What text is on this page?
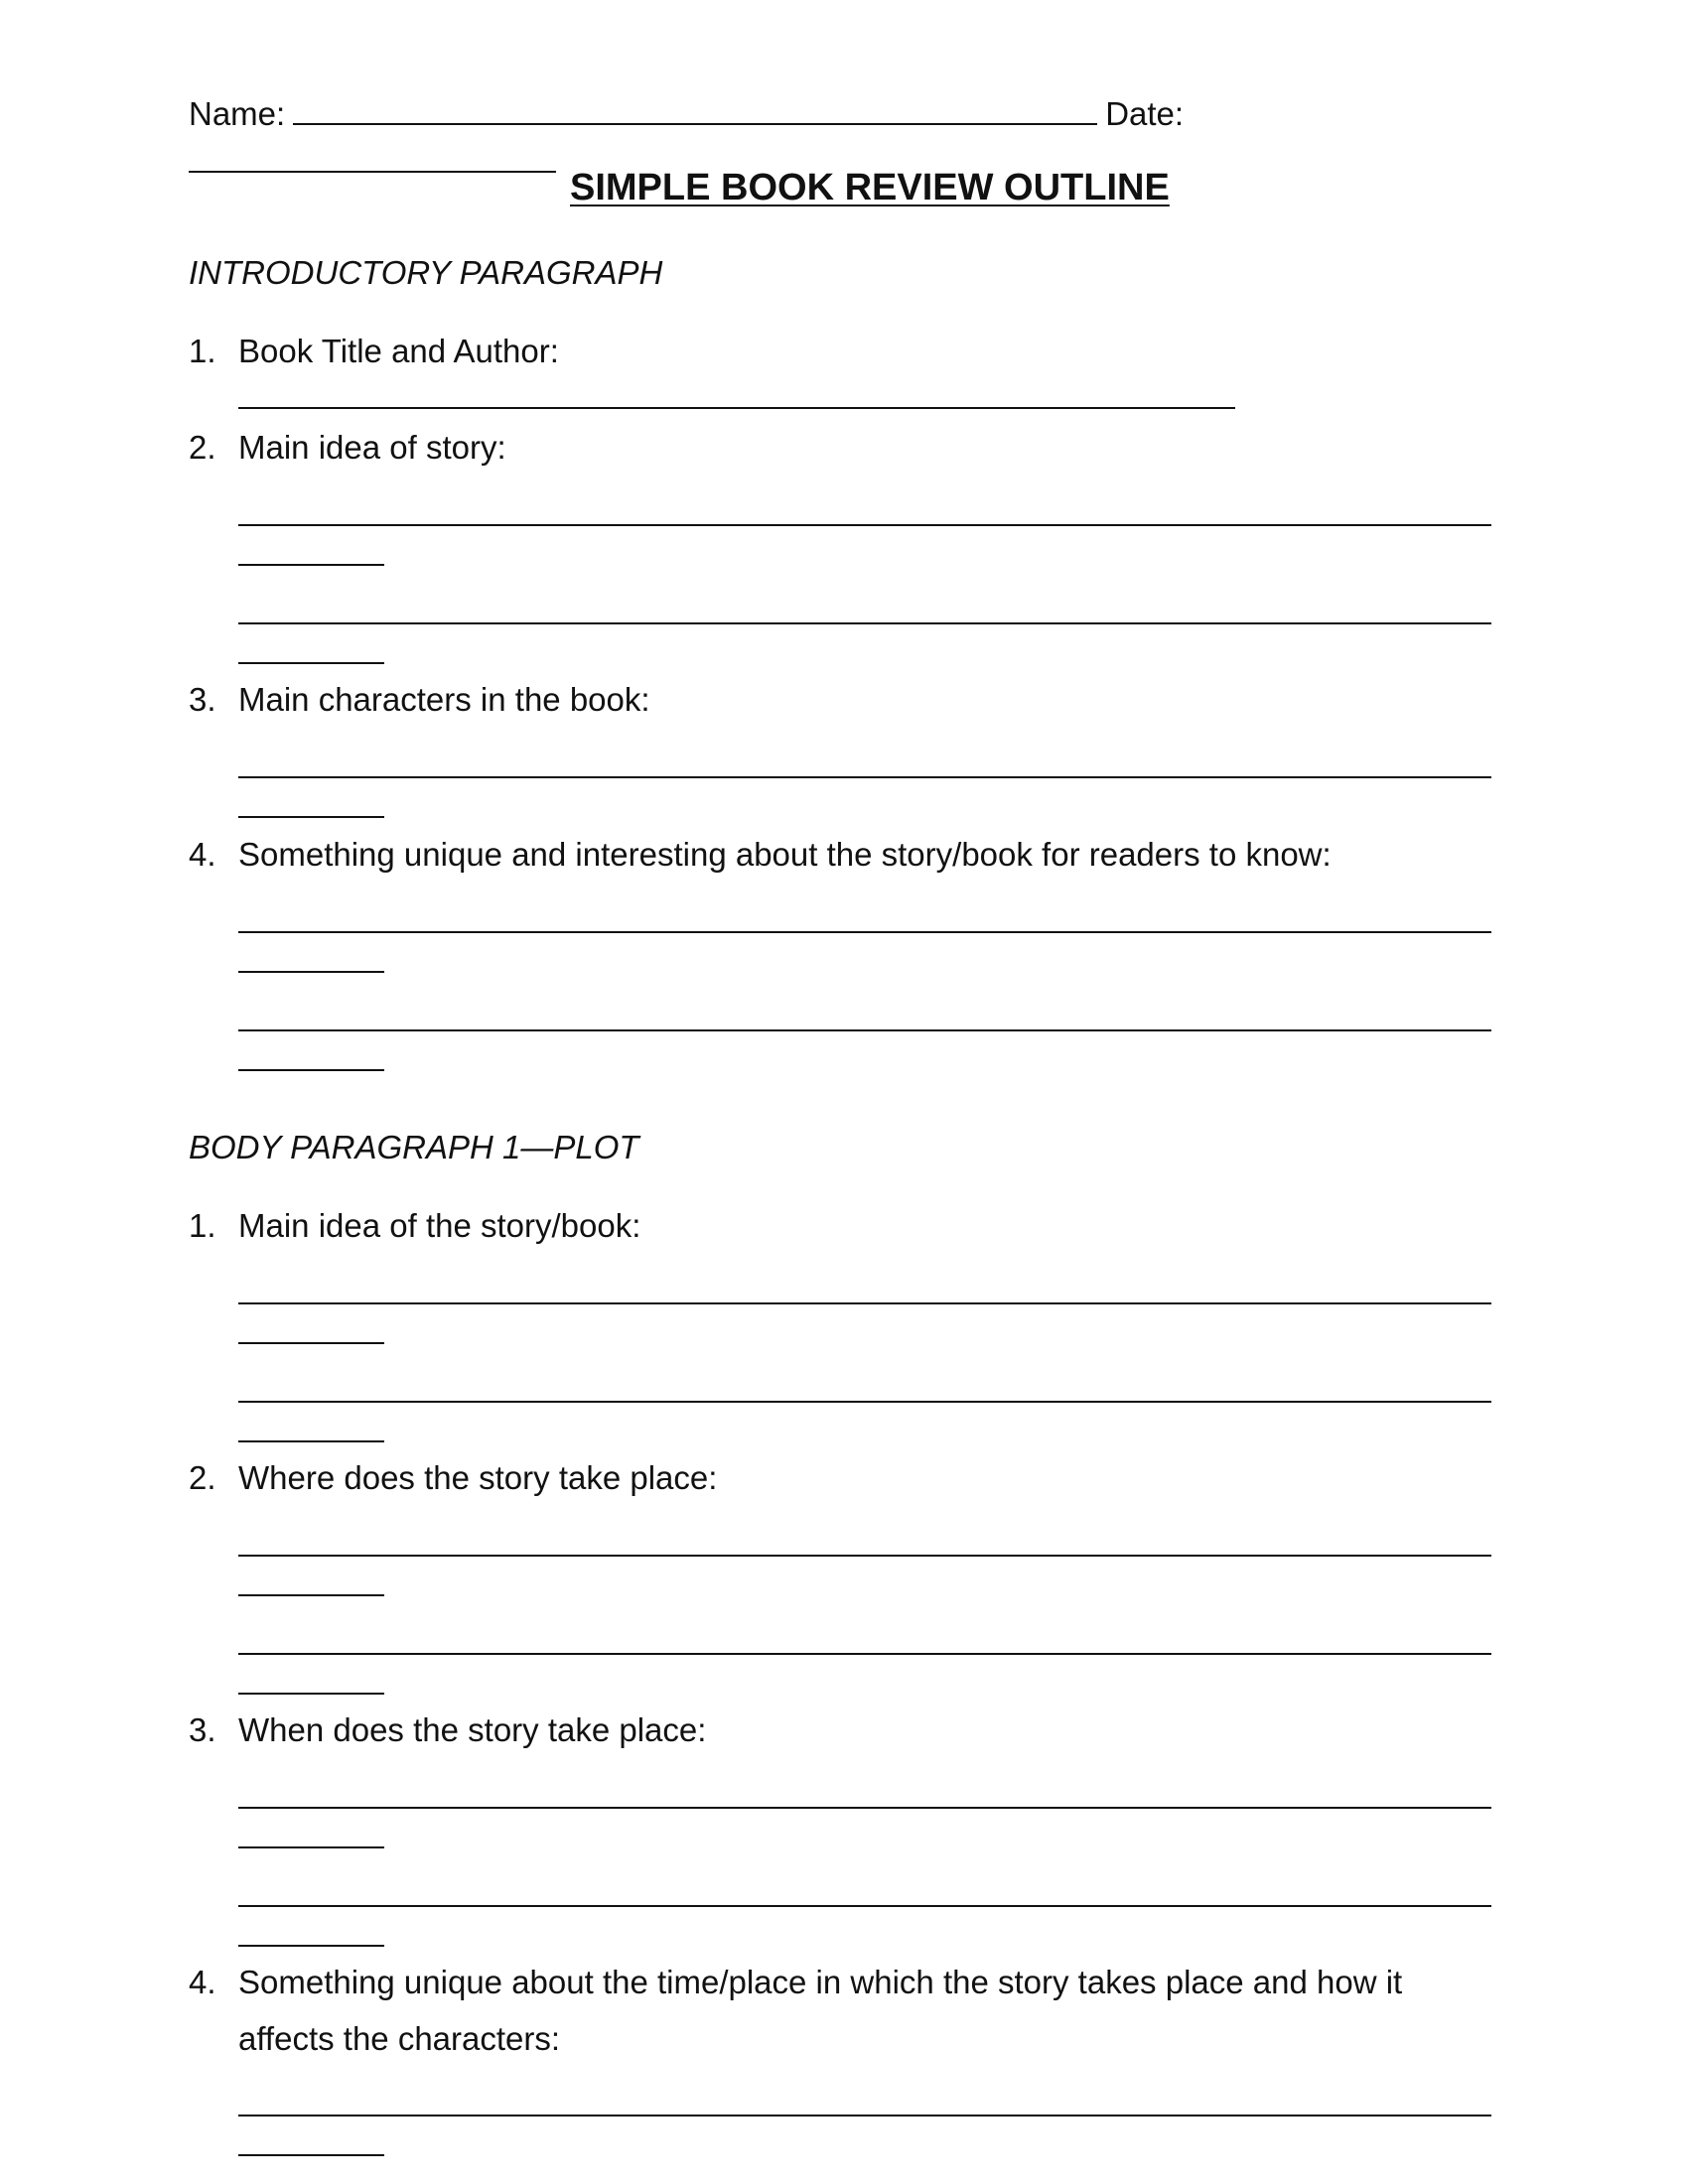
Name:	Date:
SIMPLE BOOK REVIEW OUTLINE
INTRODUCTORY PARAGRAPH
1. Book Title and Author:
2. Main idea of story:
3. Main characters in the book:
4. Something unique and interesting about the story/book for readers to know:
BODY PARAGRAPH 1—PLOT
1. Main idea of the story/book:
2. Where does the story take place:
3. When does the story take place:
4. Something unique about the time/place in which the story takes place and how it
affects the characters:
